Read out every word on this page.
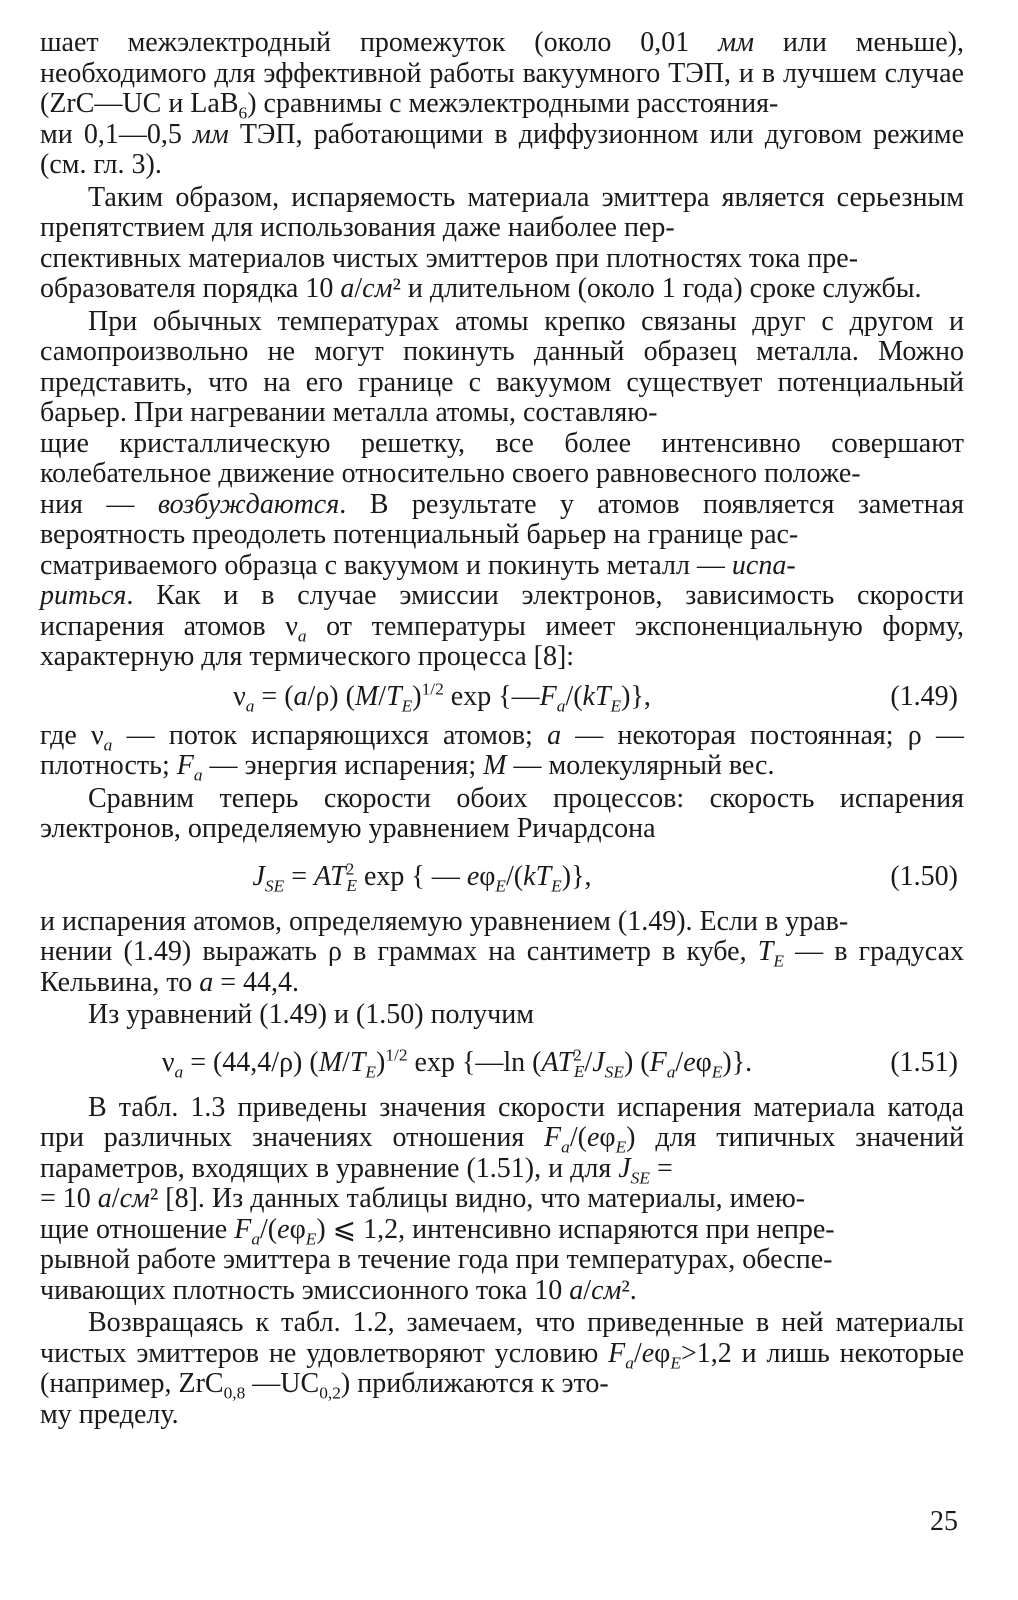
шает межэлектродный промежуток (около 0,01 мм или меньше), необходимого для эффективной работы вакуумного ТЭП, и в лучшем случае (ZrC—UC и LaB$_6$) сравнимы с межэлектродными расстояния-
ми 0,1—0,5 мм ТЭП, работающими в диффузионном или дуговом режиме (см. гл. 3).

Таким образом, испаряемость материала эмиттера является серьезным препятствием для использования даже наиболее пер-
спективных материалов чистых эмиттеров при плотностях тока пре-
образователя порядка 10 а/см² и длительном (около 1 года) сроке службы.

При обычных температурах атомы крепко связаны друг с другом и самопроизвольно не могут покинуть данный образец металла. Можно представить, что на его границе с вакуумом существует потенциальный барьер. При нагревании металла атомы, составляю-
щие кристаллическую решетку, все более интенсивно совершают колебательное движение относительно своего равновесного положе-
ния — возбуждаются. В результате у атомов появляется заметная вероятность преодолеть потенциальный барьер на границе рас-
сматриваемого образца с вакуумом и покинуть металл — испа-
риться. Как и в случае эмиссии электронов, зависимость скорости испарения атомов $\nu_a$ от температуры имеет экспоненциальную форму, характерную для термического процесса [8]:

$\nu_a = (a/\rho)$ $(M/T_E)^{1/2}$ $\exp \{—F_a/(kT_E)\}$,	(1.49)

где $\nu_a$ — поток испаряющихся атомов; a — некоторая постоянная; ρ — плотность; $F_a$ — энергия испарения; M — молекулярный вес.

Сравним теперь скорости обоих процессов: скорость испарения электронов, определяемую уравнением Ричардсона

$J_{SE} = AT^2_E$ exp { — $e\varphi_E/(kT_E)$},	(1.50)

и испарения атомов, определяемую уравнением (1.49). Если в урав-
нении (1.49) выражать ρ в граммах на сантиметр в кубе, $T_E$ — в градусах Кельвина, то a = 44,4.

Из уравнений (1.49) и (1.50) получим

$\nu_a = (44,4/\rho)$ $(M/T_E)^{1/2}$ exp {—ln $(AT^2_E/J_{SE})$ $(F_a/e\varphi_E)$}.	(1.51)

В табл. 1.3 приведены значения скорости испарения материала катода при различных значениях отношения $F_a/(e\varphi_E)$ для типичных значений параметров, входящих в уравнение (1.51), и для $J_{SE}$ =
= 10 а/см² [8]. Из данных таблицы видно, что материалы, имею-
щие отношение $F_a/(e\varphi_E)$ ⩽ 1,2, интенсивно испаряются при непре-
рывной работе эмиттера в течение года при температурах, обеспе-
чивающих плотность эмиссионного тока 10 а/см².

Возвращаясь к табл. 1.2, замечаем, что приведенные в ней материалы чистых эмиттеров не удовлетворяют условию $F_a/e\varphi_E>1,2$ и лишь некоторые (например, ZrC$_{0,8}$ $—UC_{0,2}$) приближаются к это-
му пределу.

25
